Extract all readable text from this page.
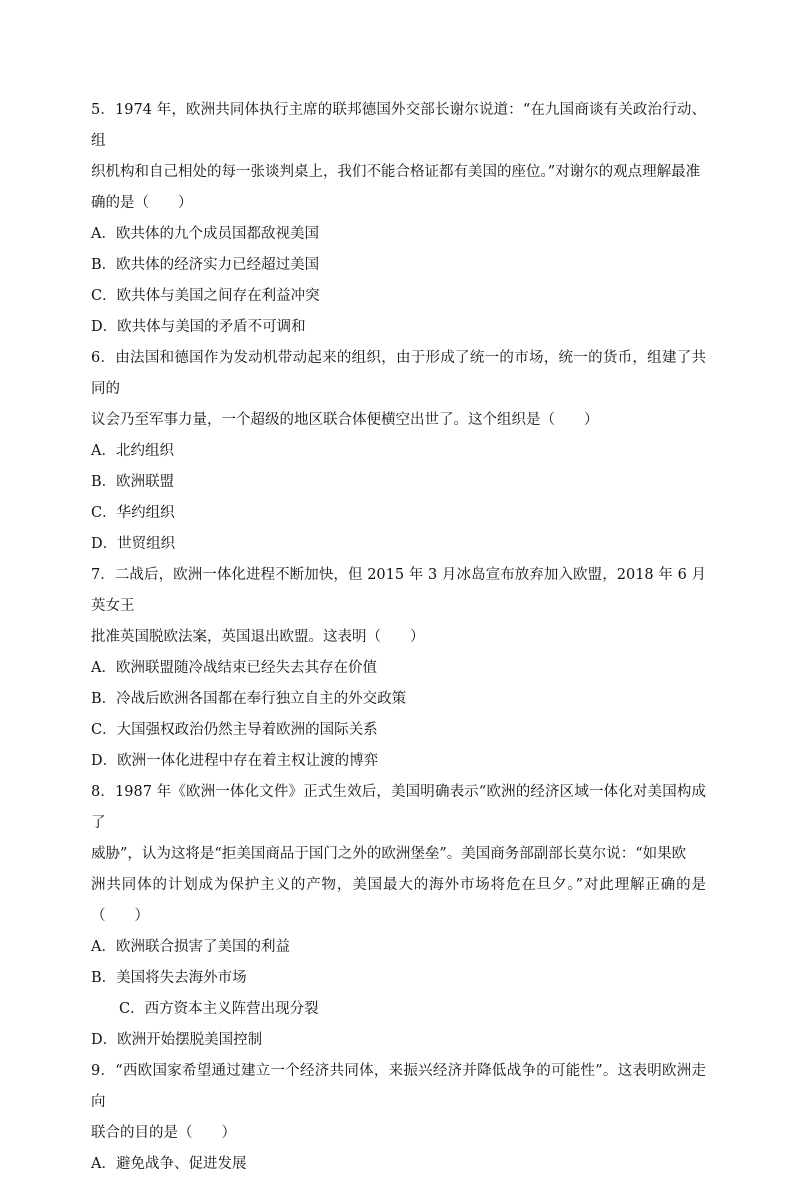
5．1974 年，欧洲共同体执行主席的联邦德国外交部长谢尔说道：“在九国商谈有关政治行动、组

织机构和自己相处的每一张谈判桌上，我们不能合格证都有美国的座位。”对谢尔的观点理解最准

确的是（　　）

A．欧共体的九个成员国都敌视美国

B．欧共体的经济实力已经超过美国

C．欧共体与美国之间存在利益冲突

D．欧共体与美国的矛盾不可调和

6．由法国和德国作为发动机带动起来的组织，由于形成了统一的市场，统一的货币，组建了共同的

议会乃至军事力量，一个超级的地区联合体便横空出世了。这个组织是（　　）

A．北约组织

B．欧洲联盟

C．华约组织

D．世贸组织

7．二战后，欧洲一体化进程不断加快，但 2015 年 3 月冰岛宣布放弃加入欧盟，2018 年 6 月英女王

批准英国脱欧法案，英国退出欧盟。这表明（　　）

A．欧洲联盟随冷战结束已经失去其存在价值

B．冷战后欧洲各国都在奉行独立自主的外交政策

C．大国强权政治仍然主导着欧洲的国际关系

D．欧洲一体化进程中存在着主权让渡的博弈

8．1987 年《欧洲一体化文件》正式生效后，美国明确表示“欧洲的经济区域一体化对美国构成了

威胁”，认为这将是“拒美国商品于国门之外的欧洲堡垒”。美国商务部副部长莫尔说：“如果欧

洲共同体的计划成为保护主义的产物，美国最大的海外市场将危在旦夕。”对此理解正确的是（　　）

A．欧洲联合损害了美国的利益

B．美国将失去海外市场

C．西方资本主义阵营出现分裂

D．欧洲开始摆脱美国控制

9．“西欧国家希望通过建立一个经济共同体，来振兴经济并降低战争的可能性”。这表明欧洲走向

联合的目的是（　　）

A．避免战争、促进发展
